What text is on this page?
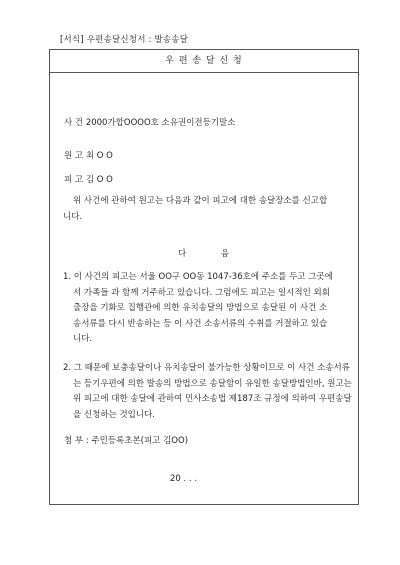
[서식] 우편송달신청서 : 발송송달
우 편 송 달 신 청
사 건 2000가합OOOO호 소유권이전등기말소
원 고 최 O O
피 고 김 O O
위 사건에 관하여 원고는 다음과 같이 피고에 대한 송달장소를 신고합
니다.
다 음
1. 이 사건의 피고는 서울 OO구 OO동 1047-36호에 주소를 두고 그곳에
서 가족들 과 함께 거주하고 있습니다. 그럼에도 피고는 일시적인 외회
출장을 기화로 집행관에 의한 유치송달의 방법으로 송달된 이 사건 소
송서류를 다시 반송하는 등 이 사건 소송서류의 수취를 거절하고 있습
니다.
2. 그 때문에 보충송달이나 유치송달이 불가능한 상황이므로 이 사건 소송서류
는 등기우편에 의한 발송의 방법으로 송달함이 유일한 송달방법인바, 원고는
위 피고에 대한 송달에 관하여 민사소송법 제187조 규정에 의하여 우편송달
을 신청하는 것입니다.
첨 부 : 주민등록초본(피고 김OO)
20 . . .
